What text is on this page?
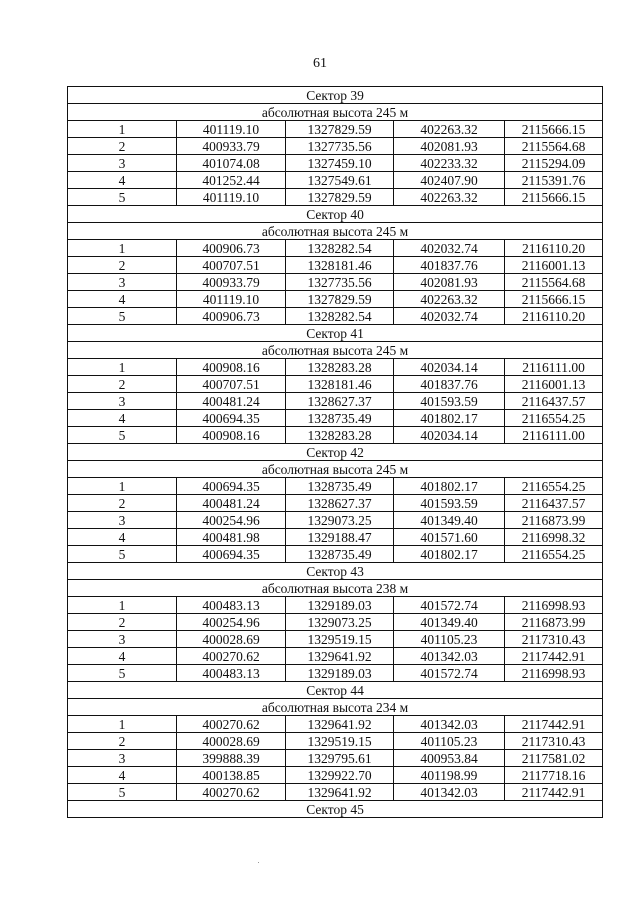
61
Сектор 39				
абсолютная высота 245 м				
1	401119.10	1327829.59	402263.32	2115666.15
2	400933.79	1327735.56	402081.93	2115564.68
3	401074.08	1327459.10	402233.32	2115294.09
4	401252.44	1327549.61	402407.90	2115391.76
5	401119.10	1327829.59	402263.32	2115666.15
Сектор 40				
абсолютная высота 245 м				
1	400906.73	1328282.54	402032.74	2116110.20
2	400707.51	1328181.46	401837.76	2116001.13
3	400933.79	1327735.56	402081.93	2115564.68
4	401119.10	1327829.59	402263.32	2115666.15
5	400906.73	1328282.54	402032.74	2116110.20
Сектор 41				
абсолютная высота 245 м				
1	400908.16	1328283.28	402034.14	2116111.00
2	400707.51	1328181.46	401837.76	2116001.13
3	400481.24	1328627.37	401593.59	2116437.57
4	400694.35	1328735.49	401802.17	2116554.25
5	400908.16	1328283.28	402034.14	2116111.00
Сектор 42				
абсолютная высота 245 м				
1	400694.35	1328735.49	401802.17	2116554.25
2	400481.24	1328627.37	401593.59	2116437.57
3	400254.96	1329073.25	401349.40	2116873.99
4	400481.98	1329188.47	401571.60	2116998.32
5	400694.35	1328735.49	401802.17	2116554.25
Сектор 43				
абсолютная высота 238 м				
1	400483.13	1329189.03	401572.74	2116998.93
2	400254.96	1329073.25	401349.40	2116873.99
3	400028.69	1329519.15	401105.23	2117310.43
4	400270.62	1329641.92	401342.03	2117442.91
5	400483.13	1329189.03	401572.74	2116998.93
Сектор 44				
абсолютная высота 234 м				
1	400270.62	1329641.92	401342.03	2117442.91
2	400028.69	1329519.15	401105.23	2117310.43
3	399888.39	1329795.61	400953.84	2117581.02
4	400138.85	1329922.70	401198.99	2117718.16
5	400270.62	1329641.92	401342.03	2117442.91
Сектор 45				
